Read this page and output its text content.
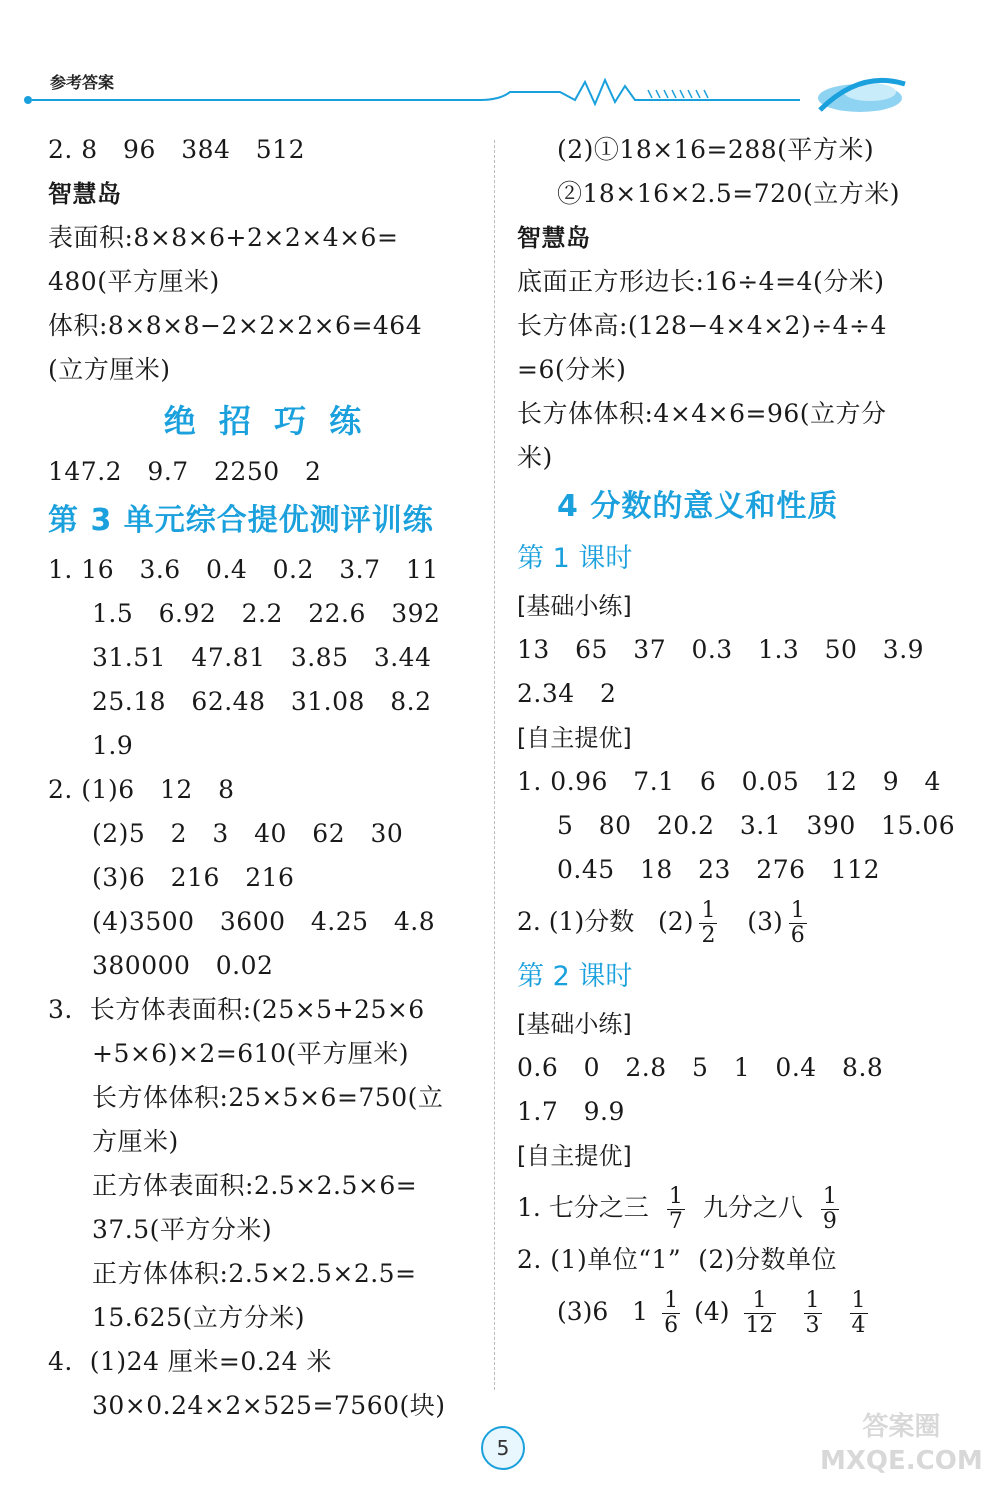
参考答案
2. 8   96   384   512
智慧岛
表面积:8×8×6+2×2×4×6=
480(平方厘米)
体积:8×8×8−2×2×2×6=464
(立方厘米)
绝 招 巧 练
147.2   9.7   2250   2
第 3 单元综合提优测评训练
1. 16   3.6   0.4   0.2   3.7   11
1.5   6.92   2.2   22.6   392
31.51   47.81   3.85   3.44
25.18   62.48   31.08   8.2
1.9
2. (1)6   12   8
(2)5   2   3   40   62   30
(3)6   216   216
(4)3500   3600   4.25   4.8
380000   0.02
3.  长方体表面积:(25×5+25×6
+5×6)×2=610(平方厘米)
长方体体积:25×5×6=750(立
方厘米)
正方体表面积:2.5×2.5×6=
37.5(平方分米)
正方体体积:2.5×2.5×2.5=
15.625(立方分米)
4.  (1)24 厘米=0.24 米
30×0.24×2×525=7560(块)
(2)①18×16=288(平方米)
②18×16×2.5=720(立方米)
智慧岛
底面正方形边长:16÷4=4(分米)
长方体高:(128−4×4×2)÷4÷4
=6(分米)
长方体体积:4×4×6=96(立方分
米)
4 分数的意义和性质
第 1 课时
[基础小练]
13   65   37   0.3   1.3   50   3.9
2.34   2
[自主提优]
1. 0.96   7.1   6   0.05   12   9   4
5   80   20.2   3.1   390   15.06
0.45   18   23   276   112
2. (1)分数   $(2) \frac{1}{2} (3) \frac{1}{6}$
第 2 课时
[基础小练]
0.6   0   2.8   5   1   0.4   8.8
1.7   9.9
[自主提优]
1. 七分之三 $\frac{1}{7}$ 九分之八 $\frac{1}{9}$
2. (1)单位“1”  (2)分数单位
(3)6   $1 \frac{1}{6} (4) \frac{1}{12} \frac{1}{3} \frac{1}{4}$
5
答案圈
MXQE.COM
